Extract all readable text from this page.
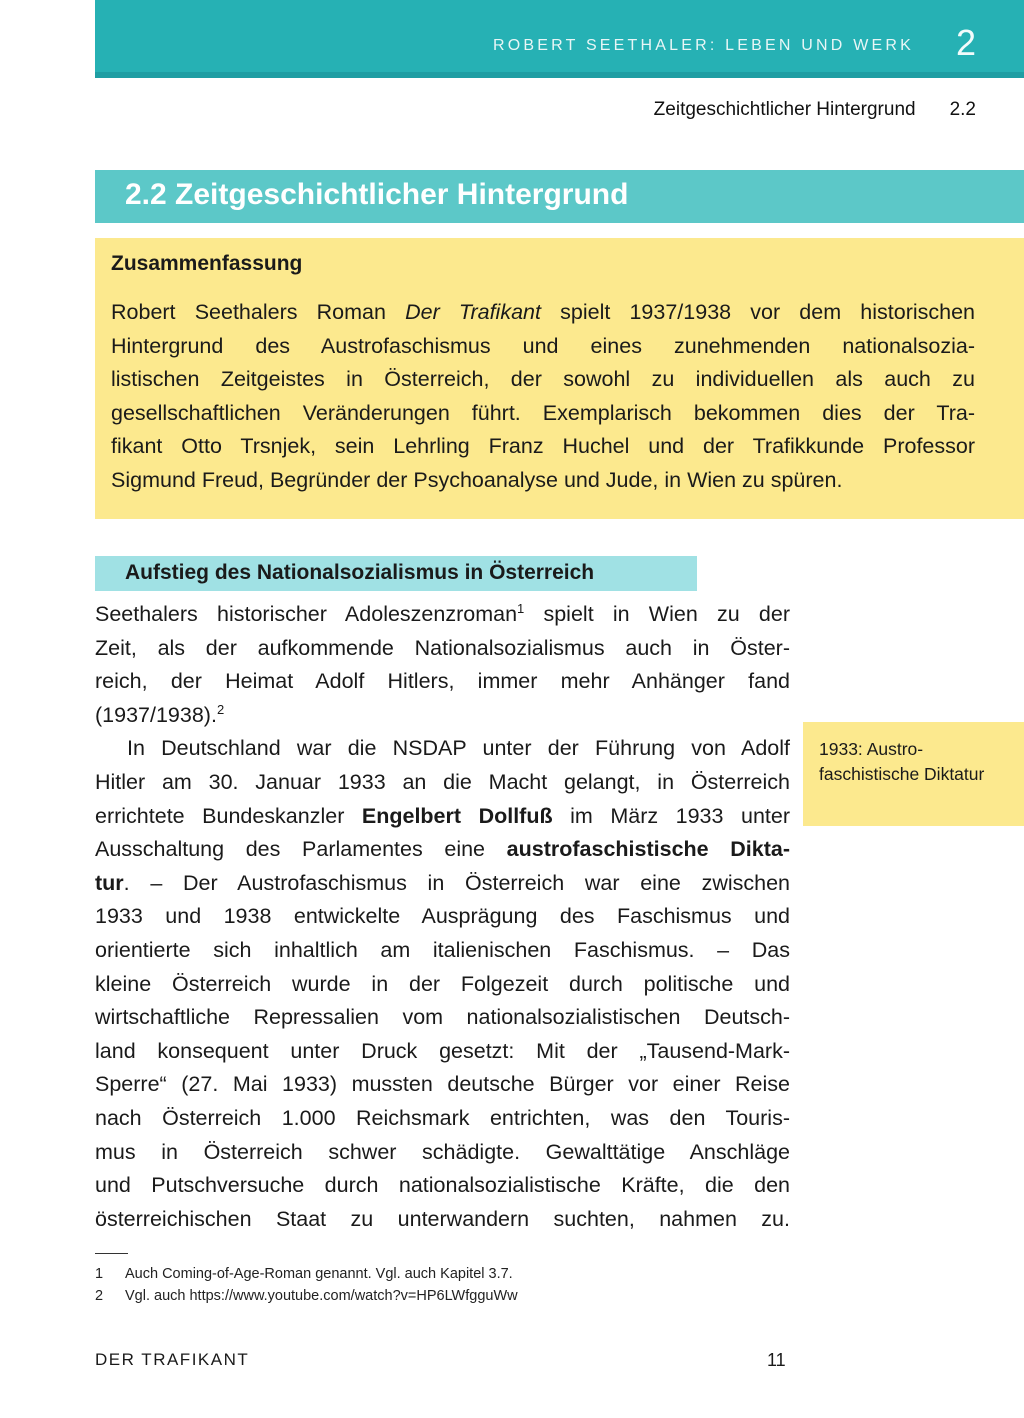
ROBERT SEETHALER: LEBEN UND WERK 2
Zeitgeschichtlicher Hintergrund 2.2
2.2 Zeitgeschichtlicher Hintergrund
Zusammenfassung
Robert Seethalers Roman Der Trafikant spielt 1937/1938 vor dem historischen
Hintergrund des Austrofaschismus und eines zunehmenden nationalsozia-
listischen Zeitgeistes in Österreich, der sowohl zu individuellen als auch zu
gesellschaftlichen Veränderungen führt. Exemplarisch bekommen dies der Tra-
fikant Otto Trsnjek, sein Lehrling Franz Huchel und der Trafikkunde Professor
Sigmund Freud, Begründer der Psychoanalyse und Jude, in Wien zu spüren.
Aufstieg des Nationalsozialismus in Österreich
Seethalers historischer Adoleszenzroman$^1$ spielt in Wien zu der
Zeit, als der aufkommende Nationalsozialismus auch in Öster-
reich, der Heimat Adolf Hitlers, immer mehr Anhänger fand
(1937/1938).$^2$
In Deutschland war die NSDAP unter der Führung von Adolf
Hitler am 30. Januar 1933 an die Macht gelangt, in Österreich
errichtete Bundeskanzler Engelbert Dollfuß im März 1933 unter
Ausschaltung des Parlamentes eine austrofaschistische Dikta-
tur. – Der Austrofaschismus in Österreich war eine zwischen
1933 und 1938 entwickelte Ausprägung des Faschismus und
orientierte sich inhaltlich am italienischen Faschismus. – Das
kleine Österreich wurde in der Folgezeit durch politische und
wirtschaftliche Repressalien vom nationalsozialistischen Deutsch-
land konsequent unter Druck gesetzt: Mit der „Tausend-Mark-
Sperre“ (27. Mai 1933) mussten deutsche Bürger vor einer Reise
nach Österreich 1.000 Reichsmark entrichten, was den Touris-
mus in Österreich schwer schädigte. Gewalttätige Anschläge
und Putschversuche durch nationalsozialistische Kräfte, die den
österreichischen Staat zu unterwandern suchten, nahmen zu.
1933: Austro-faschistische Diktatur
1 Auch Coming-of-Age-Roman genannt. Vgl. auch Kapitel 3.7.
2 Vgl. auch https://www.youtube.com/watch?v=HP6LWfgguWw
DER TRAFIKANT	11
